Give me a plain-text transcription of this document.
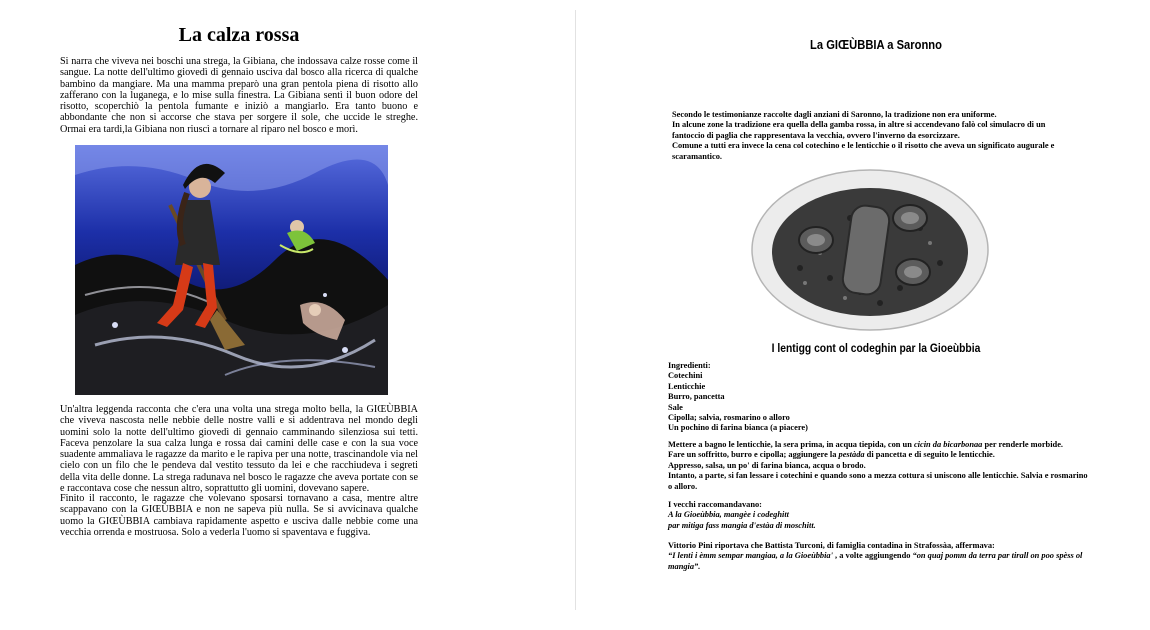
La calza rossa

Si narra che viveva nei boschi una strega, la Gibiana, che indossava calze rosse come il sangue. La notte dell'ultimo giovedì di gennaio usciva dal bosco alla ricerca di qualche bambino da mangiare. Ma una mamma preparò una gran pentola piena di risotto allo zafferano con la luganega, e lo mise sulla finestra. La Gibiana sentì il buon odore del risotto, scoperchiò la pentola fumante e iniziò a mangiarlo. Era tanto buono e abbondante che non si accorse che stava per sorgere il sole, che uccide le streghe. Ormai era tardi,la Gibiana non riuscì a tornare al riparo nel bosco e morì.

Un'altra leggenda racconta che c'era una volta una strega molto bella, la GIŒÙBBIA che viveva nascosta nelle nebbie delle nostre valli e si addentrava nel mondo degli uomini solo la notte dell'ultimo giovedì di gennaio camminando silenziosa sui tetti. Faceva penzolare la sua calza lunga e rossa dai camini delle case e con la sua voce suadente ammaliava le ragazze da marito e le rapiva per una notte, trascinandole via nel cielo con un filo che le pendeva dal vestito tessuto da lei e che racchiudeva i segreti della vita delle donne. La strega radunava nel bosco le ragazze che aveva portate con se e raccontava cose che nessun altro, soprattutto gli uomini, dovevano sapere.

Finito il racconto, le ragazze che volevano sposarsi tornavano a casa, mentre altre scappavano con la GIŒÙBBIA e non ne sapeva più nulla. Se si avvicinava qualche uomo la GIŒÙBBIA cambiava rapidamente aspetto e usciva dalle nebbie come una vecchia orrenda e mostruosa. Solo a vederla l'uomo si spaventava e fuggiva.

La GIŒÙBBIA a Saronno
Secondo le testimonianze raccolte dagli anziani di Saronno, la tradizione non era uniforme.
In alcune zone la tradizione era quella della gamba rossa, in altre si accendevano falò col simulacro di un fantoccio di paglia che rappresentava la vecchia, ovvero l'inverno da esorcizzare.
Comune a tutti era invece la cena col cotechino e le lenticchie o il risotto che aveva un significato augurale e scaramantico.
I lentigg cont ol codeghin par la Gioeùbbia
Ingredienti:
Cotechini
Lenticchie
Burro, pancetta
Sale
Cipolla; salvia, rosmarino o alloro
Un pochino di farina bianca (a piacere)
Mettere a bagno le lenticchie, la sera prima, in acqua tiepida, con un cicin da bicarbonaa per renderle morbide.
Fare un soffritto, burro e cipolla; aggiungere la pestàda di pancetta e di seguito le lenticchie.
Appresso, salsa, un po' di farina bianca, acqua o brodo.
Intanto, a parte, si fan lessare i cotechini e quando sono a mezza cottura si uniscono alle lenticchie. Salvia e rosmarino o alloro.
I vecchi raccomandavano:
A la Gioeùbbia, mangèe i codeghitt
par mitiga fass mangia d'estàa di moschitt.
Vittorio Pini riportava che Battista Turconi, di famiglia contadina in Strafossàa, affermava:
“I lenti i èmm sempar mangiaa, a la Gioeùbbia' , a volte aggiungendo “on quaj pomm da terra par tirall on poo spèss ol mangia”.
